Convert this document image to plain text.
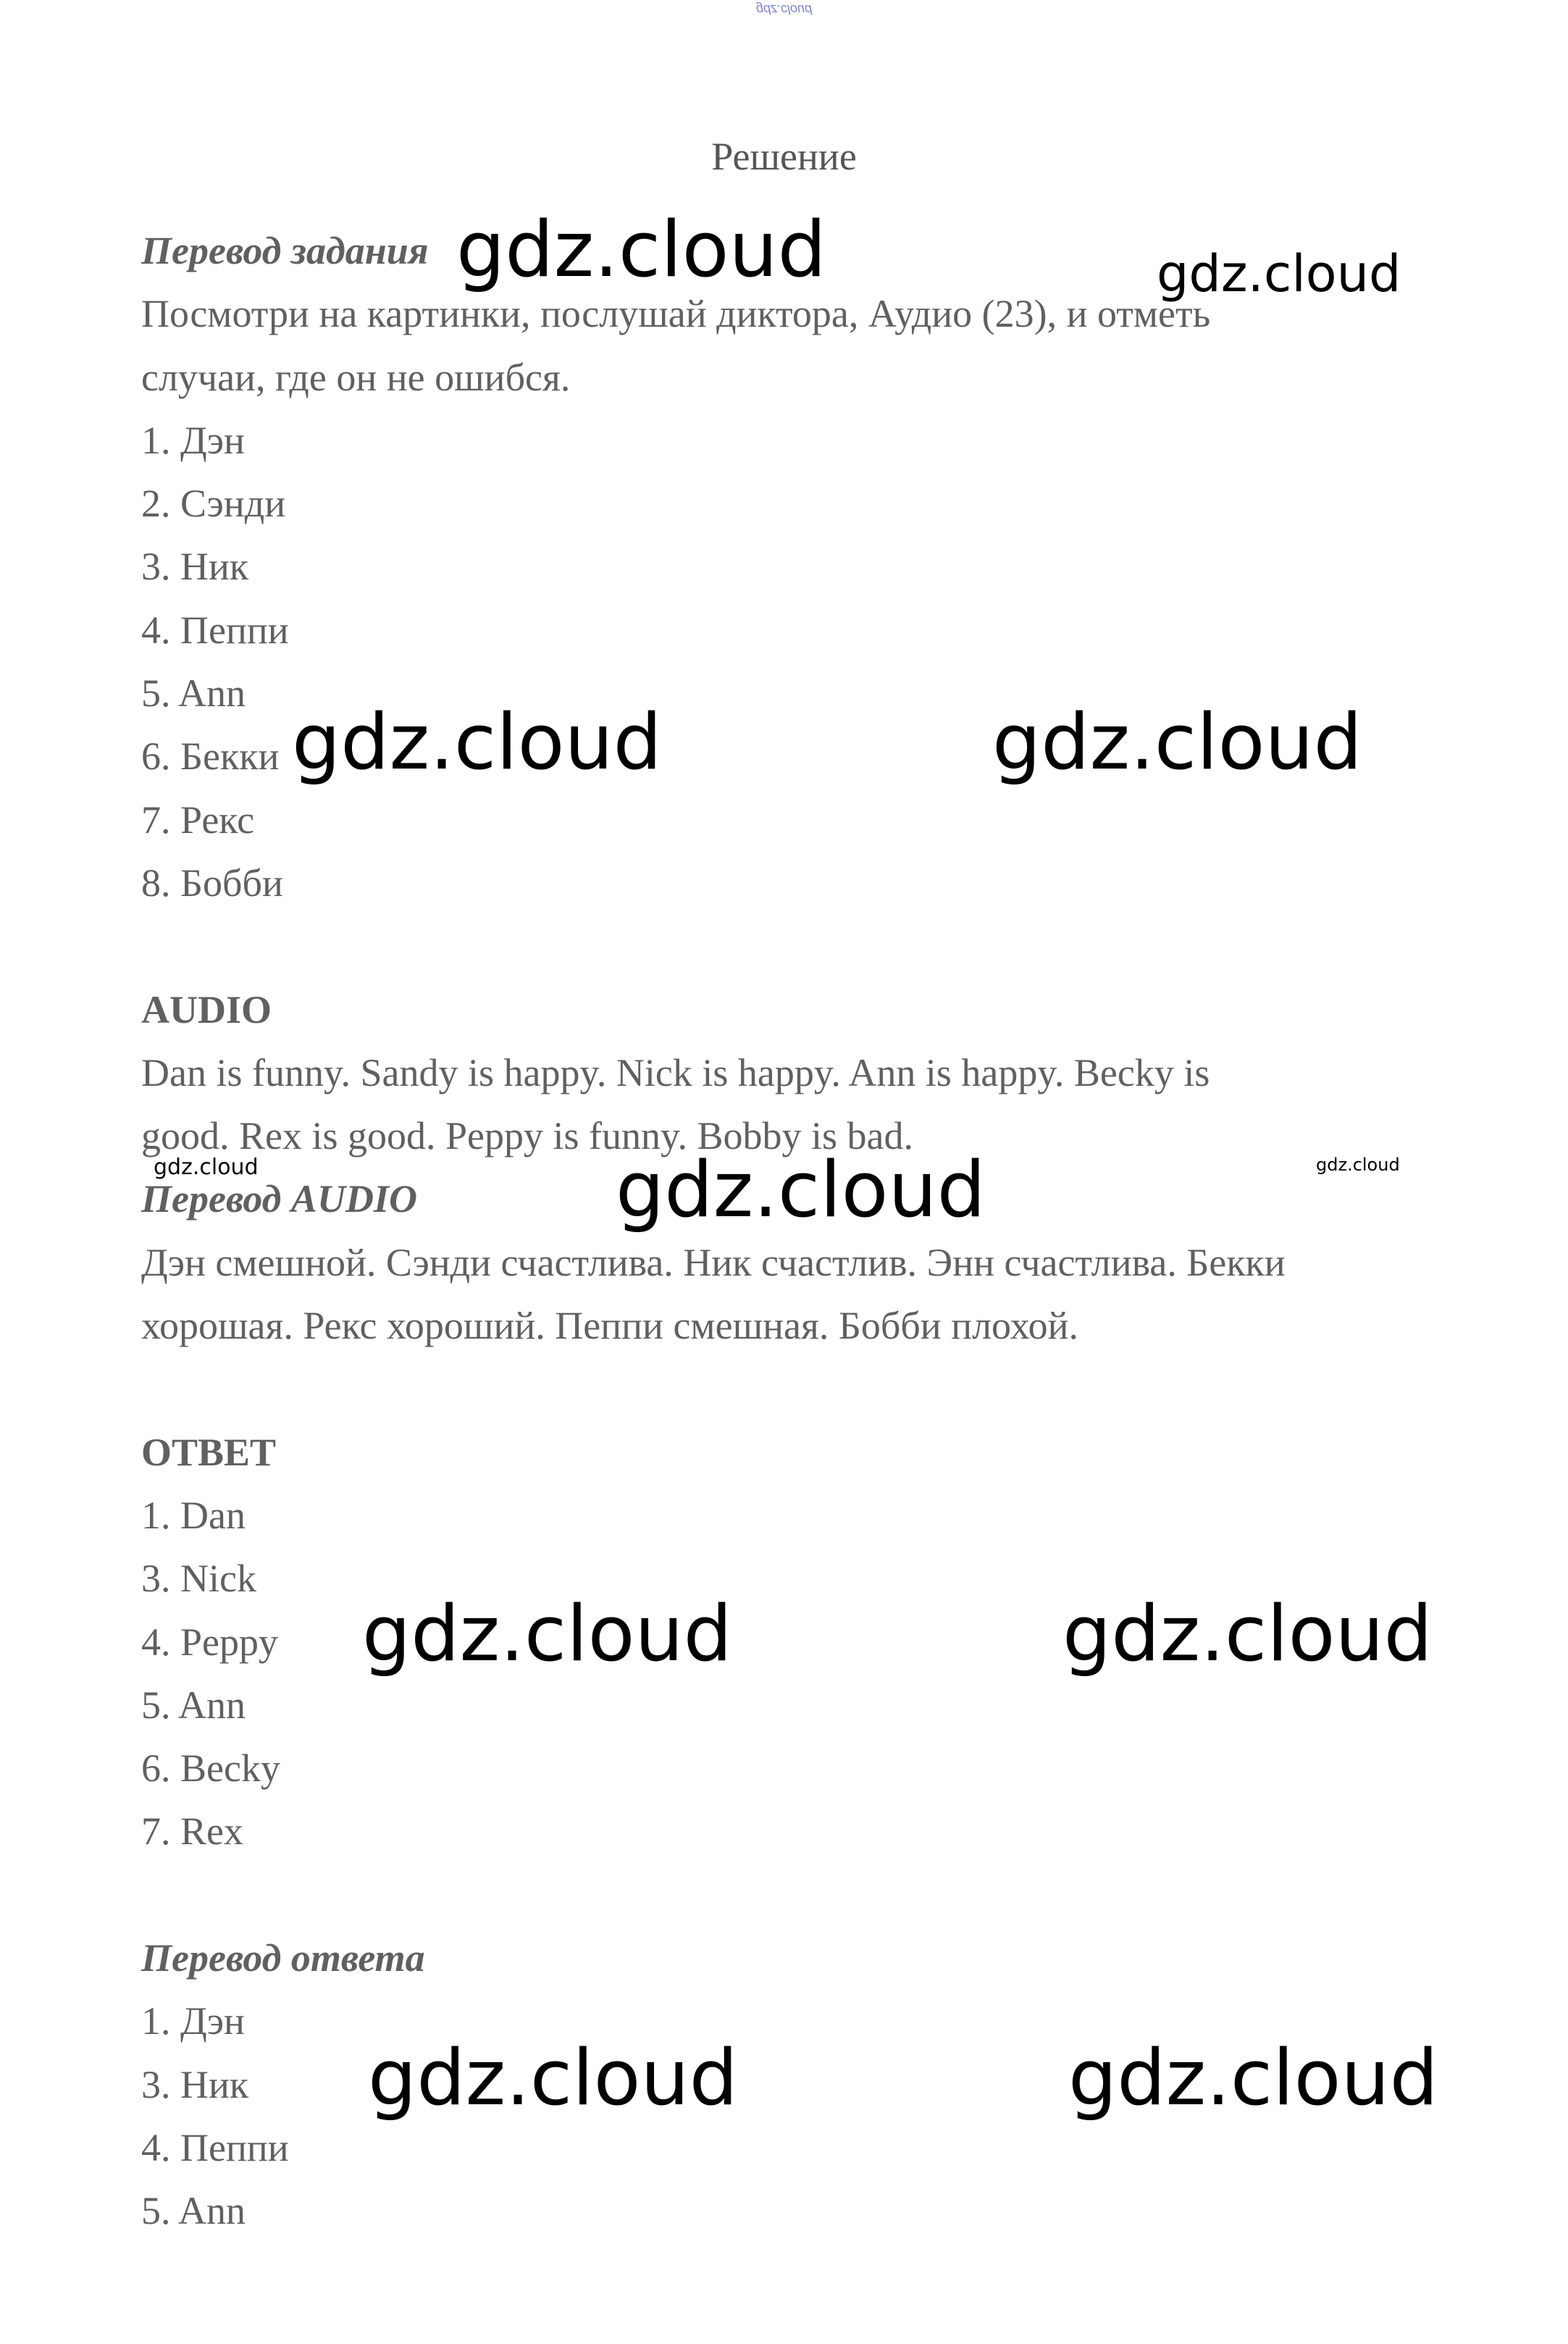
gdz.cloud
Решение
Перевод задания
Посмотри на картинки, послушай диктора, Аудио (23), и отметь
случаи, где он не ошибся.
1. Дэн
2. Сэнди
3. Ник
4. Пеппи
5. Ann
6. Бекки
7. Рекс
8. Бобби
AUDIO
Dan is funny. Sandy is happy. Nick is happy. Ann is happy. Becky is
good. Rex is good. Peppy is funny. Bobby is bad.
Перевод AUDIO
Дэн смешной. Сэнди счастлива. Ник счастлив. Энн счастлива. Бекки
хорошая. Рекс хороший. Пеппи смешная. Бобби плохой.
ОТВЕТ
1. Dan
3. Nick
4. Peppy
5. Ann
6. Becky
7. Rex
Перевод ответа
1. Дэн
3. Ник
4. Пеппи
5. Ann
gdz.cloud	gdz.cloud
gdz.cloud	gdz.cloud
gdz.cloud	gdz.cloud	gdz.cloud
gdz.cloud	gdz.cloud
gdz.cloud	gdz.cloud
